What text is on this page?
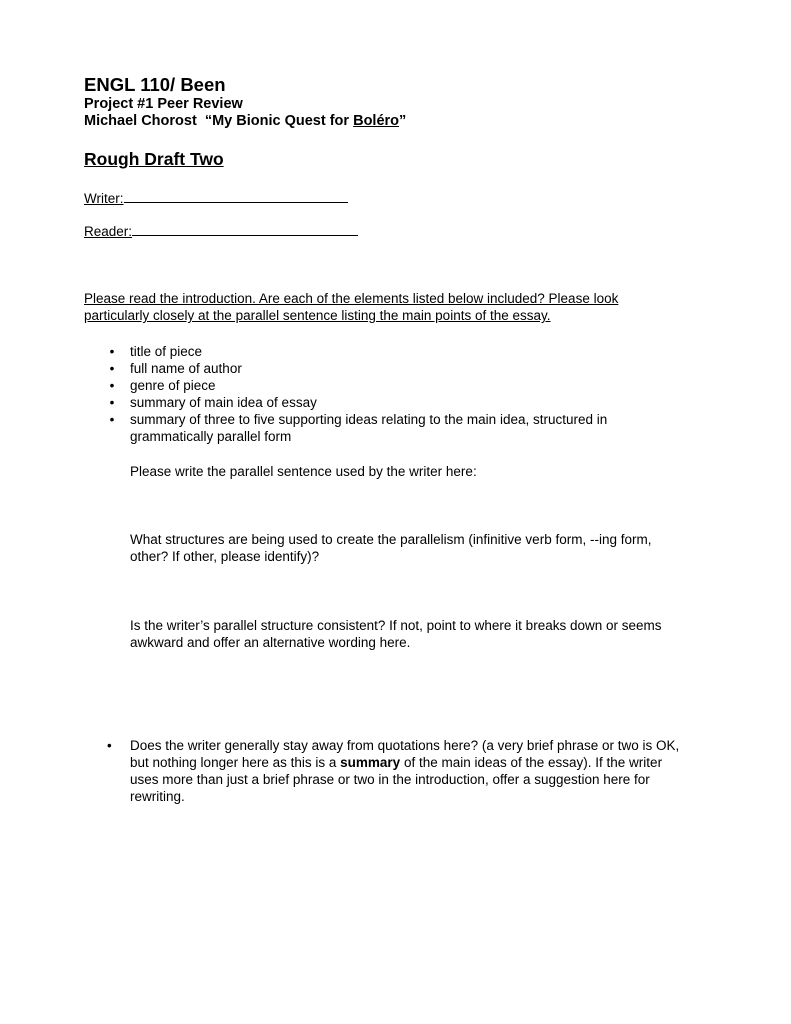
ENGL 110/ Been

Project #1 Peer Review

Michael Chorost  “My Bionic Quest for Boléro”

Rough Draft Two

Writer:

Reader:

Please read the introduction. Are each of the elements listed below included? Please look
particularly closely at the parallel sentence listing the main points of the essay.
• title of piece
• full name of author
• genre of piece
• summary of main idea of essay
• summary of three to five supporting ideas relating to the main idea, structured in
grammatically parallel form

Please write the parallel sentence used by the writer here:

What structures are being used to create the parallelism (infinitive verb form, --ing form,
other? If other, please identify)?
Is the writer’s parallel structure consistent? If not, point to where it breaks down or seems
awkward and offer an alternative wording here.
• Does the writer generally stay away from quotations here? (a very brief phrase or two is OK,
but nothing longer here as this is a summary of the main ideas of the essay). If the writer
uses more than just a brief phrase or two in the introduction, offer a suggestion here for
rewriting.
